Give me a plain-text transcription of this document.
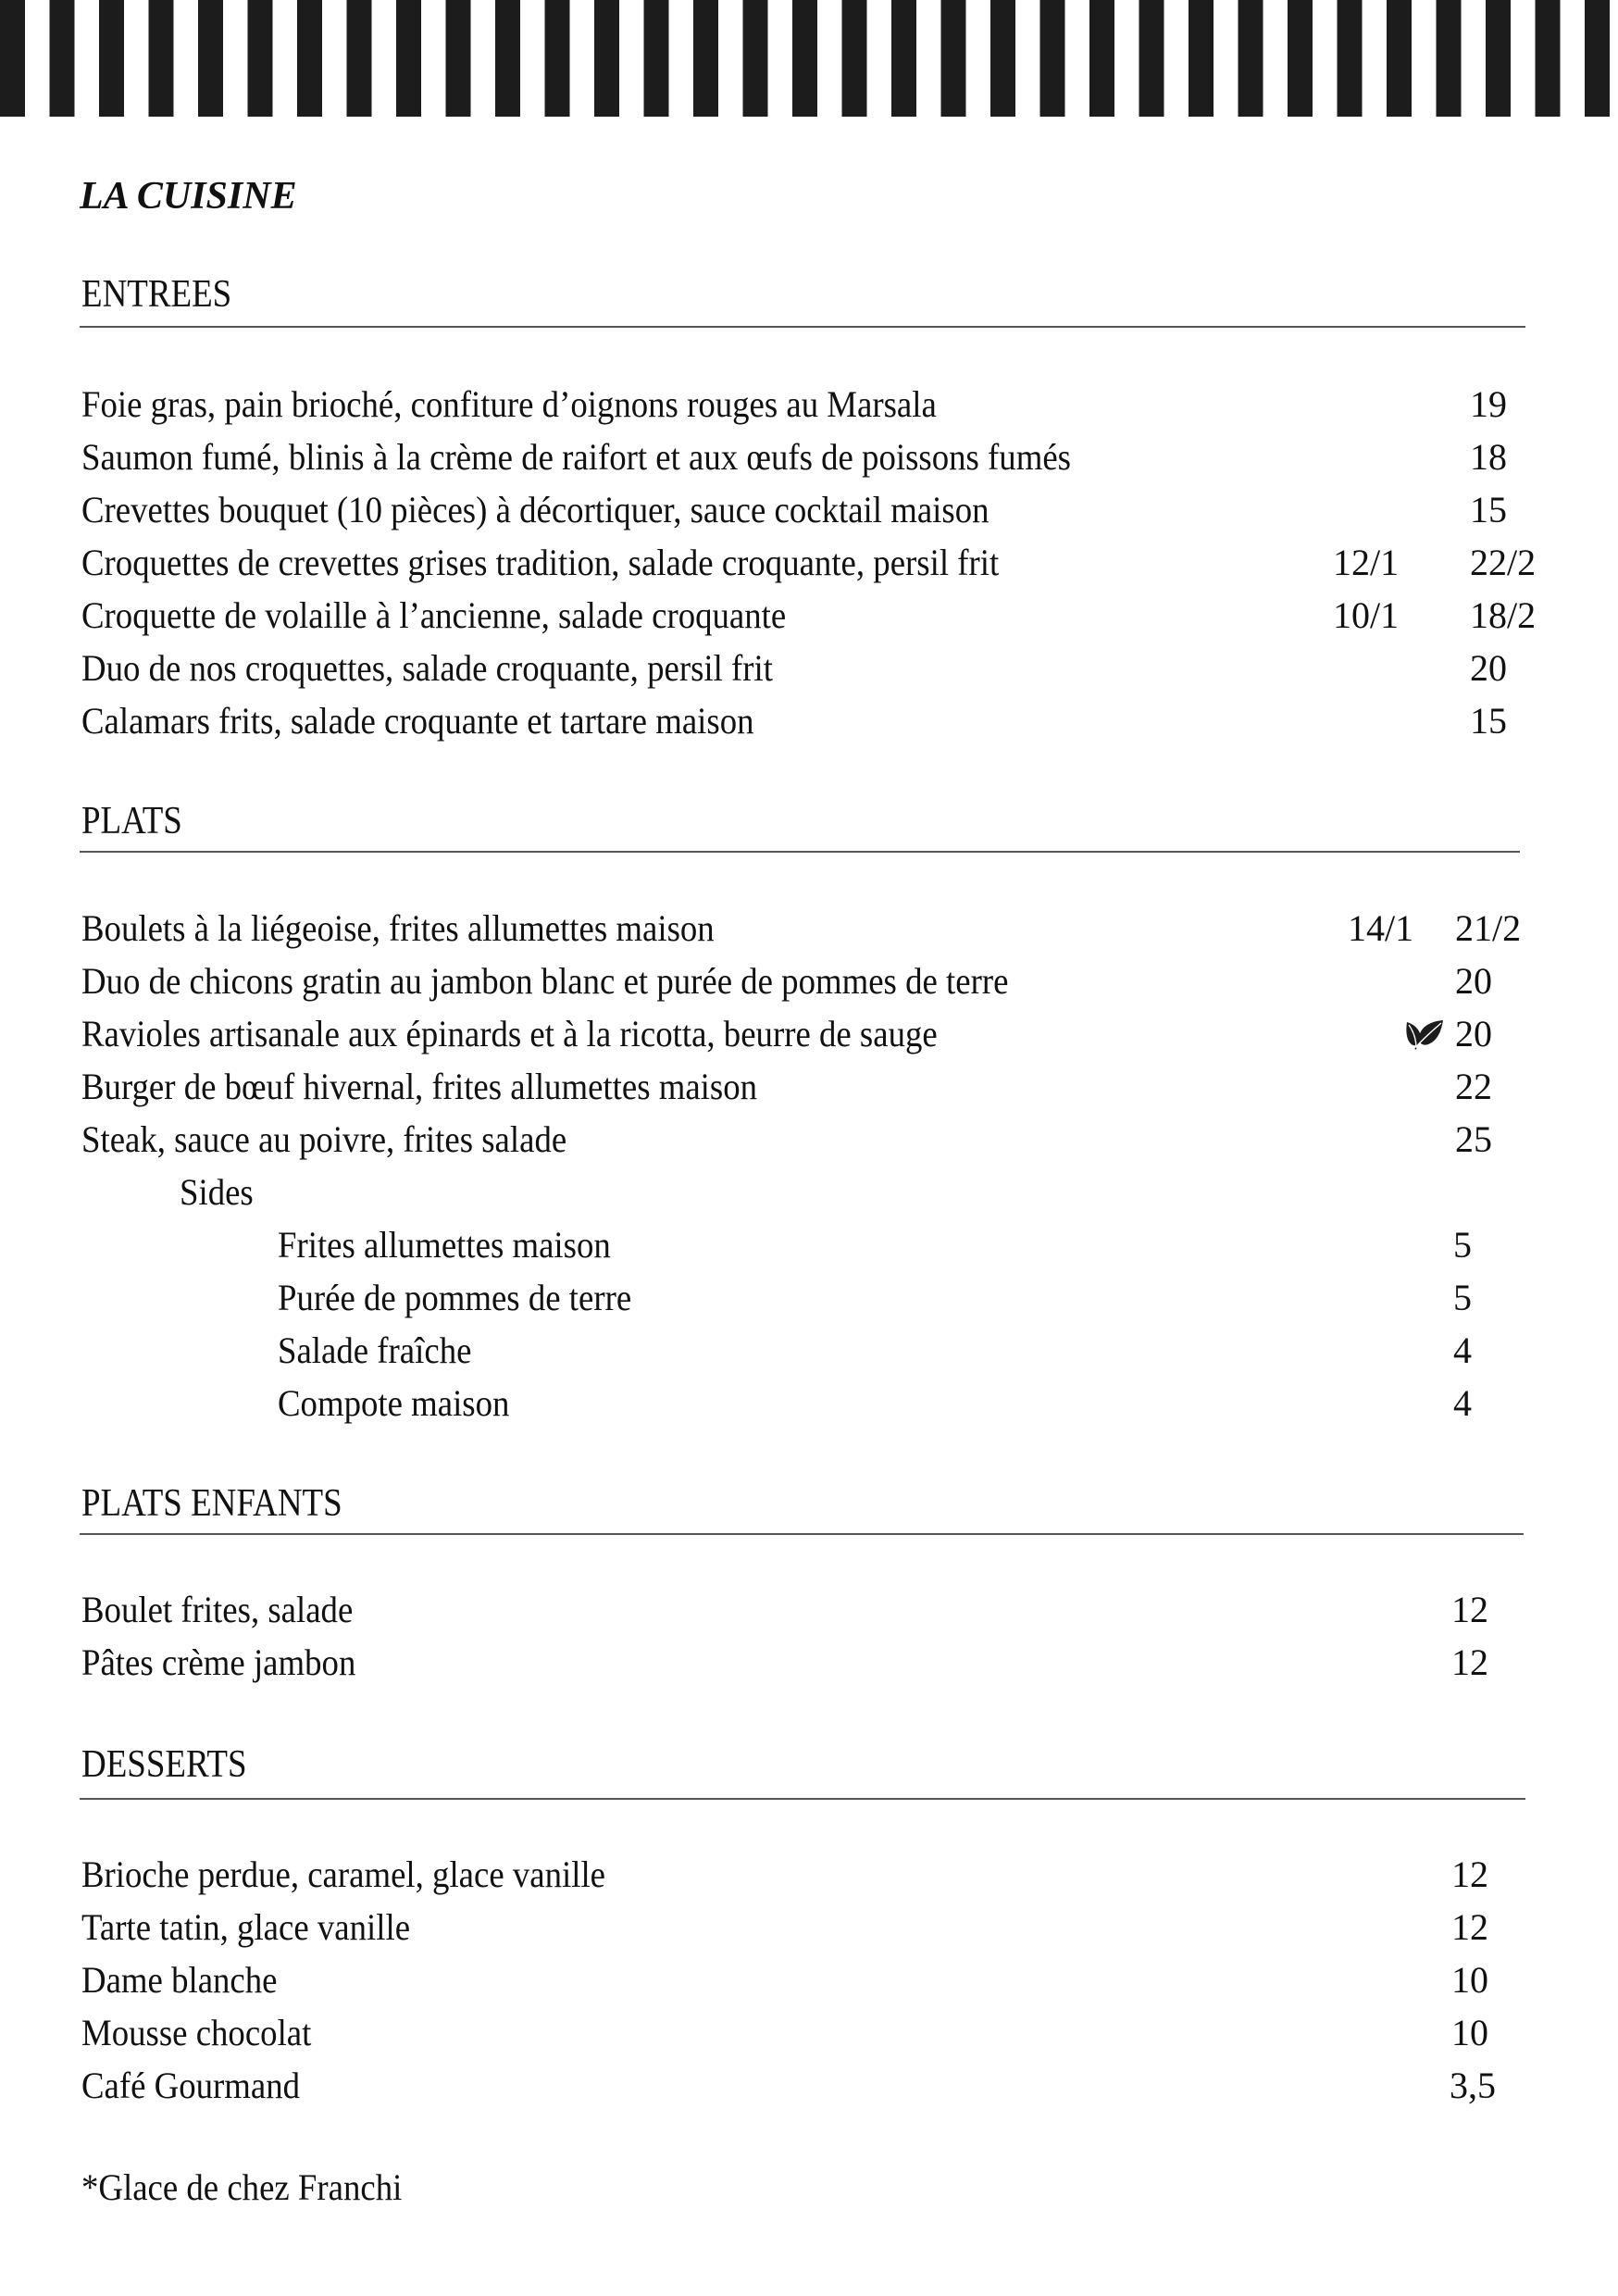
LA CUISINE
ENTREES
Foie gras, pain brioché, confiture d’oignons rouges au Marsala	19
Saumon fumé, blinis à la crème de raifort et aux œufs de poissons fumés	18
Crevettes bouquet (10 pièces) à décortiquer, sauce cocktail maison	15
Croquettes de crevettes grises tradition, salade croquante, persil frit	12/1 22/2
Croquette de volaille à l’ancienne, salade croquante	10/1 18/2
Duo de nos croquettes, salade croquante, persil frit	20
Calamars frits, salade croquante et tartare maison	15
PLATS
Boulets à la liégeoise, frites allumettes maison	14/1 21/2
Duo de chicons gratin au jambon blanc et purée de pommes de terre	20
Ravioles artisanale aux épinards et à la ricotta, beurre de sauge	20
Burger de bœuf hivernal, frites allumettes maison	22
Steak, sauce au poivre, frites salade	25
Sides
Frites allumettes maison	5
Purée de pommes de terre	5
Salade fraîche	4
Compote maison	4
PLATS ENFANTS
Boulet frites, salade	12
Pâtes crème jambon	12
DESSERTS
Brioche perdue, caramel, glace vanille	12
Tarte tatin, glace vanille	12
Dame blanche	10
Mousse chocolat	10
Café Gourmand	3,5
*Glace de chez Franchi
